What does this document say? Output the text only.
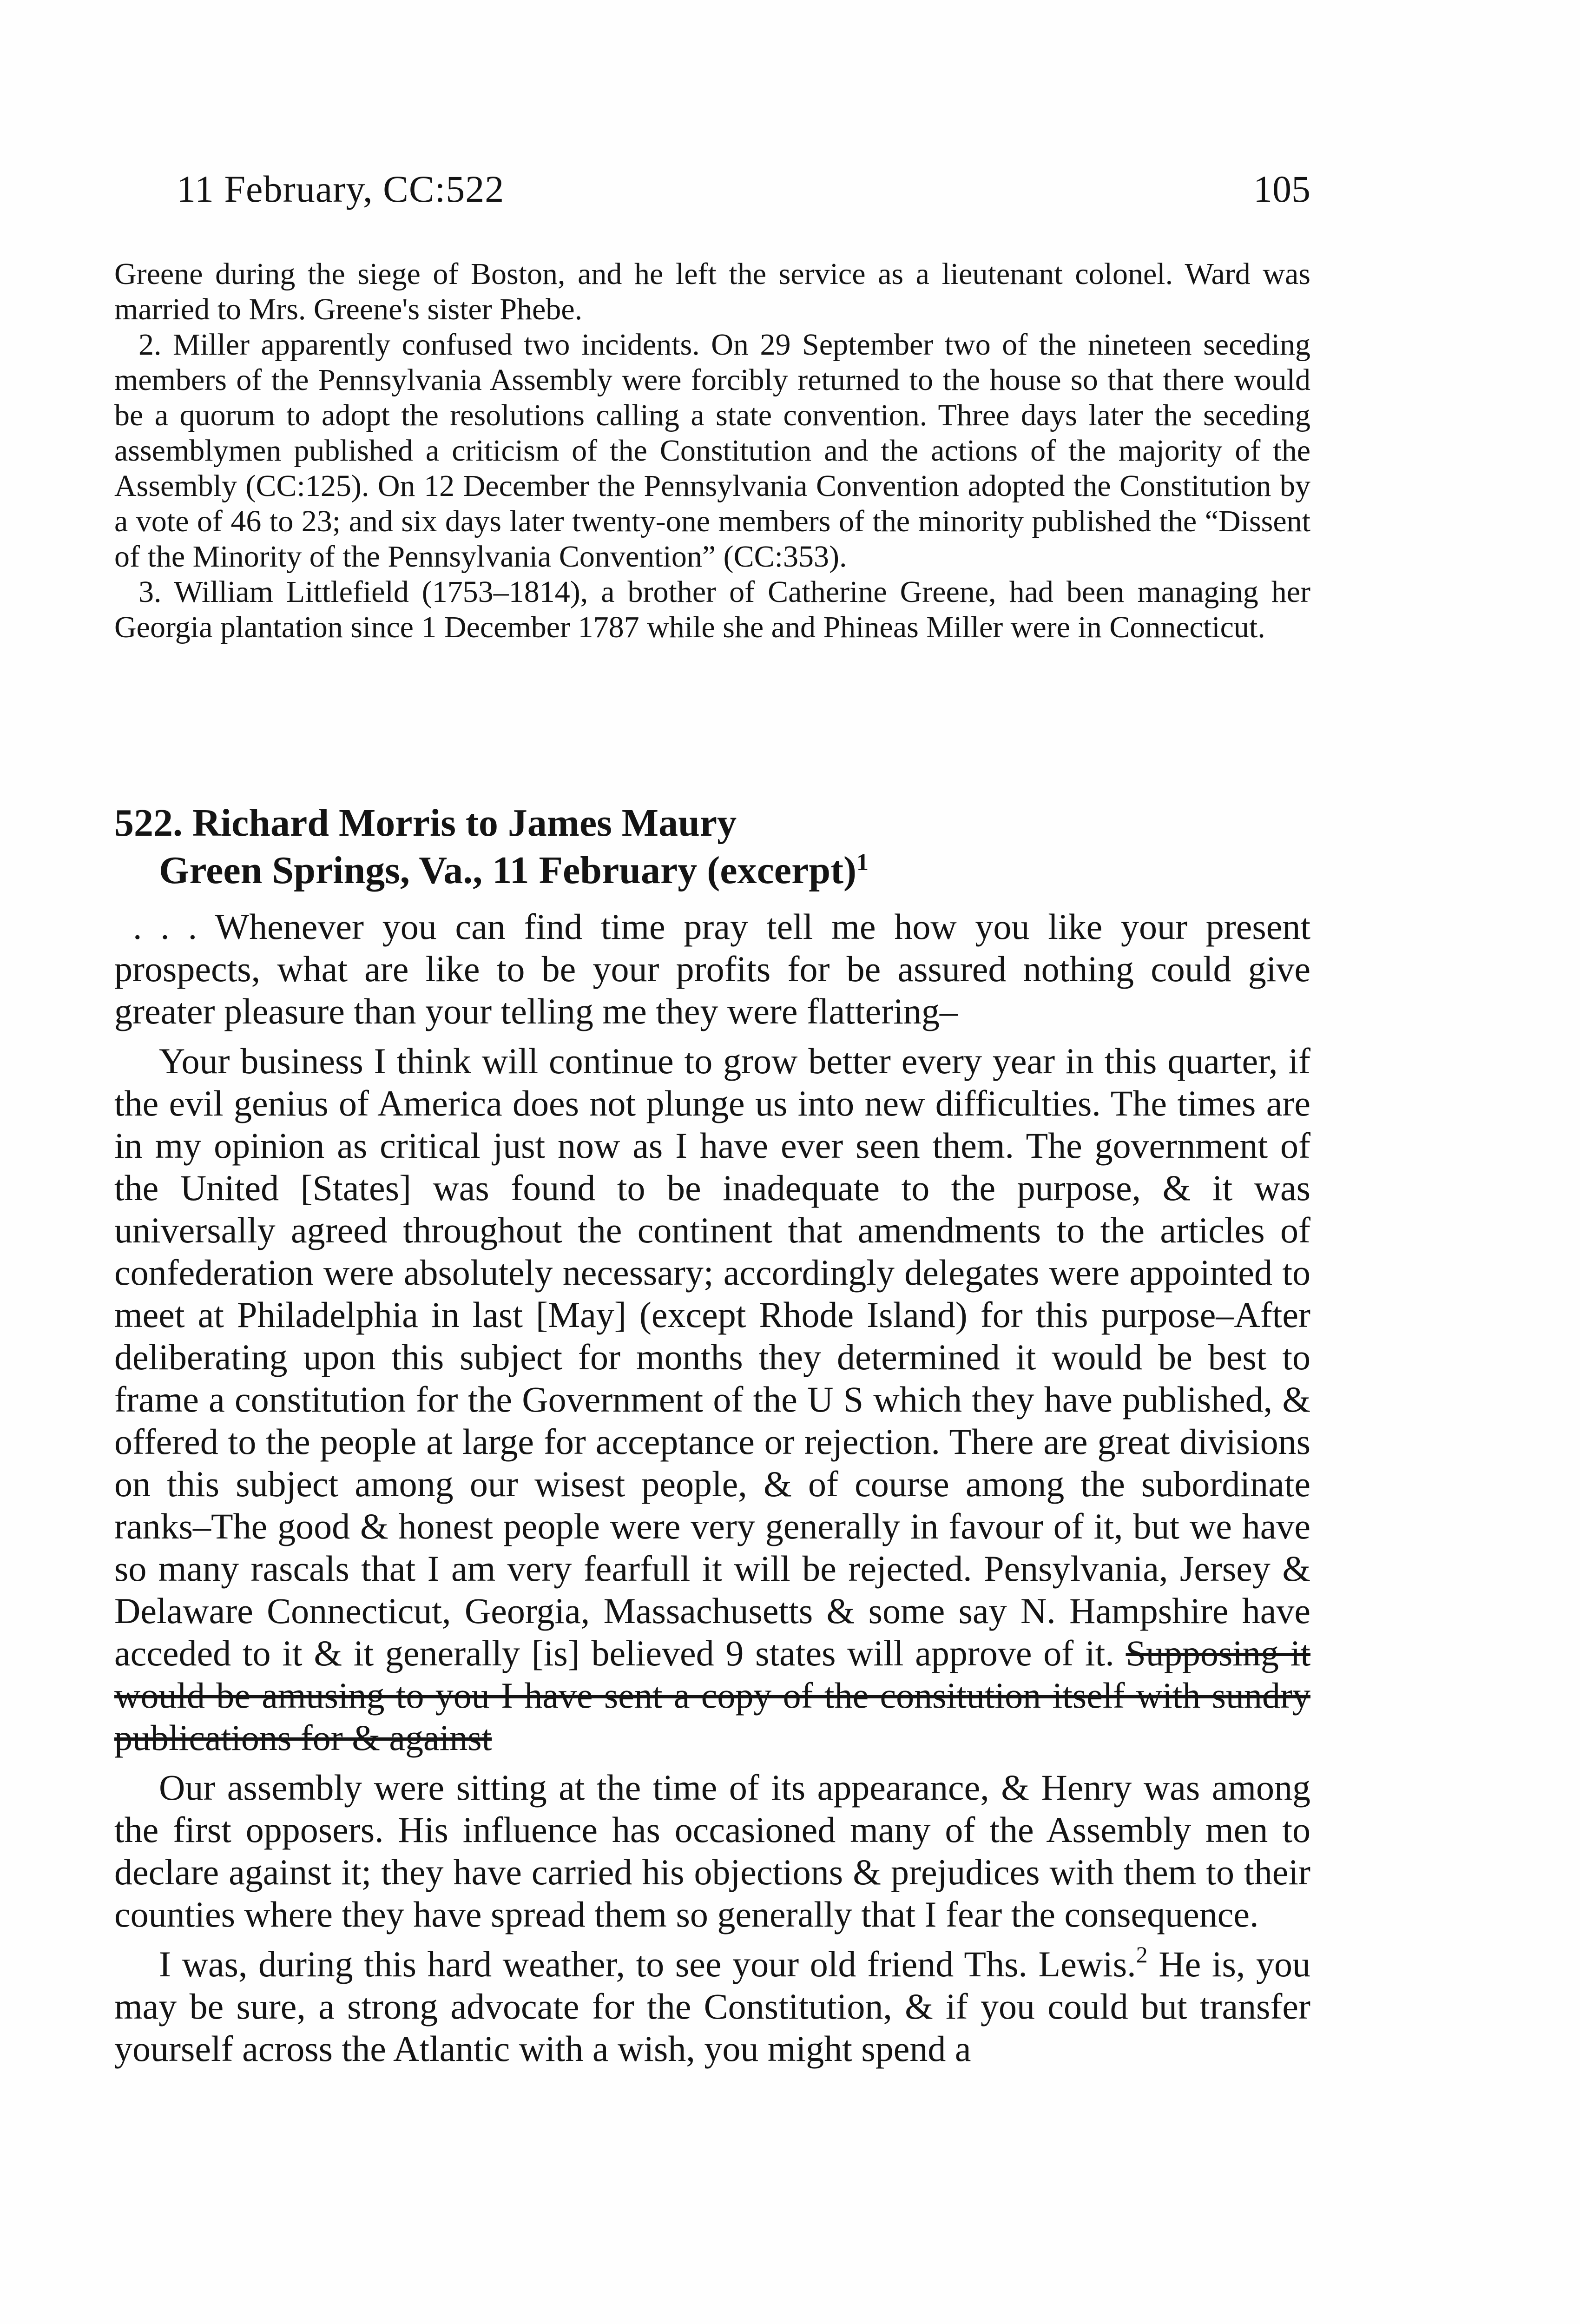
11 February, CC:522	105

Greene during the siege of Boston, and he left the service as a lieutenant colonel. Ward was married to Mrs. Greene's sister Phebe.

2. Miller apparently confused two incidents. On 29 September two of the nineteen seceding members of the Pennsylvania Assembly were forcibly returned to the house so that there would be a quorum to adopt the resolutions calling a state convention. Three days later the seceding assemblymen published a criticism of the Constitution and the actions of the majority of the Assembly (CC:125). On 12 December the Pennsylvania Convention adopted the Constitution by a vote of 46 to 23; and six days later twenty-one members of the minority published the “Dissent of the Minority of the Pennsylvania Convention” (CC:353).

3. William Littlefield (1753–1814), a brother of Catherine Greene, had been managing her Georgia plantation since 1 December 1787 while she and Phineas Miller were in Connecticut.

522. Richard Morris to James Maury
Green Springs, Va., 11 February (excerpt)$^1$

. . . Whenever you can find time pray tell me how you like your present prospects, what are like to be your profits for be assured nothing could give greater pleasure than your telling me they were flattering–

Your business I think will continue to grow better every year in this quarter, if the evil genius of America does not plunge us into new difficulties. The times are in my opinion as critical just now as I have ever seen them. The government of the United [States] was found to be inadequate to the purpose, & it was universally agreed throughout the continent that amendments to the articles of confederation were absolutely necessary; accordingly delegates were appointed to meet at Philadelphia in last [May] (except Rhode Island) for this purpose–After deliberating upon this subject for months they determined it would be best to frame a constitution for the Government of the U S which they have published, & offered to the people at large for acceptance or rejection. There are great divisions on this subject among our wisest people, & of course among the subordinate ranks–The good & honest people were very generally in favour of it, but we have so many rascals that I am very fearfull it will be rejected. Pensylvania, Jersey & Delaware Connecticut, Georgia, Massachusetts & some say N. Hampshire have acceded to it & it generally [is] believed 9 states will approve of it. Supposing it would be amusing to you I have sent a copy of the consitution itself with sundry publications for & against

Our assembly were sitting at the time of its appearance, & Henry was among the first opposers. His influence has occasioned many of the Assembly men to declare against it; they have carried his objections & prejudices with them to their counties where they have spread them so generally that I fear the consequence.

I was, during this hard weather, to see your old friend Ths. Lewis.$^2$ He is, you may be sure, a strong advocate for the Constitution, & if you could but transfer yourself across the Atlantic with a wish, you might spend a
